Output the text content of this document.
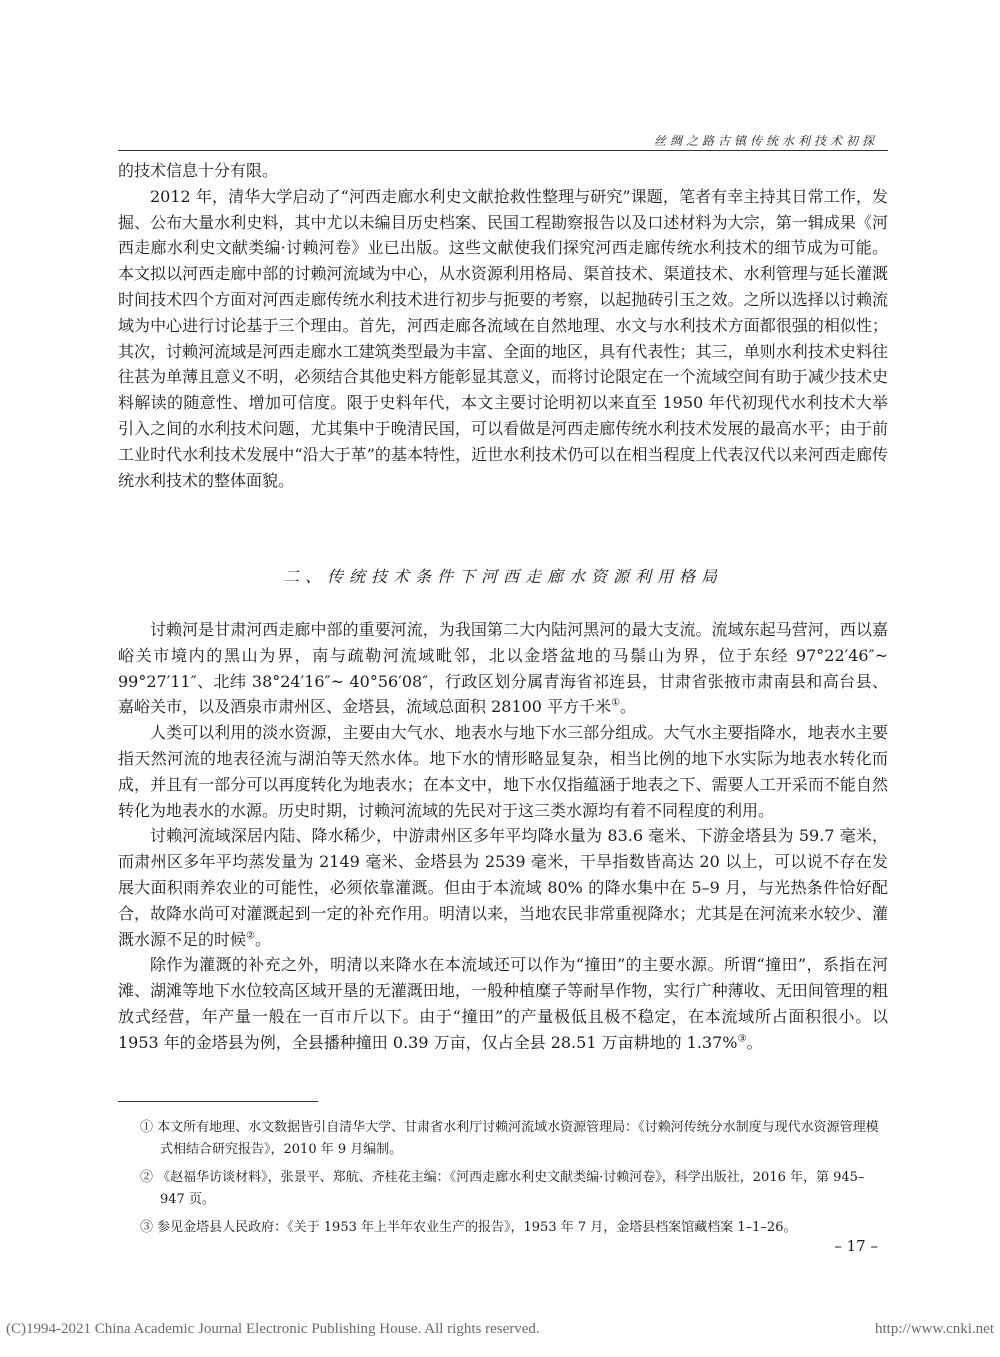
丝绸之路古镇传统水利技术初探

的技术信息十分有限。

2012 年，清华大学启动了“河西走廊水利史文献抢救性整理与研究”课题，笔者有幸主持其日常工作，发掘、公布大量水利史料，其中尤以未编目历史档案、民国工程勘察报告以及口述材料为大宗，第一辑成果《河西走廊水利史文献类编·讨赖河卷》业已出版。这些文献使我们探究河西走廊传统水利技术的细节成为可能。本文拟以河西走廊中部的讨赖河流域为中心，从水资源利用格局、渠首技术、渠道技术、水利管理与延长灌溉时间技术四个方面对河西走廊传统水利技术进行初步与扼要的考察，以起抛砖引玉之效。之所以选择以讨赖流域为中心进行讨论基于三个理由。首先，河西走廊各流域在自然地理、水文与水利技术方面都很强的相似性；其次，讨赖河流域是河西走廊水工建筑类型最为丰富、全面的地区，具有代表性；其三，单则水利技术史料往往甚为单薄且意义不明，必须结合其他史料方能彰显其意义，而将讨论限定在一个流域空间有助于减少技术史料解读的随意性、增加可信度。限于史料年代，本文主要讨论明初以来直至 1950 年代初现代水利技术大举引入之间的水利技术问题，尤其集中于晚清民国，可以看做是河西走廊传统水利技术发展的最高水平；由于前工业时代水利技术发展中“沿大于革”的基本特性，近世水利技术仍可以在相当程度上代表汉代以来河西走廊传统水利技术的整体面貌。

二、传统技术条件下河西走廊水资源利用格局

讨赖河是甘肃河西走廊中部的重要河流，为我国第二大内陆河黑河的最大支流。流域东起马营河，西以嘉峪关市境内的黑山为界，南与疏勒河流域毗邻，北以金塔盆地的马鬃山为界，位于东经 97°22′46″~ 99°27′11″、北纬 38°24′16″~ 40°56′08″，行政区划分属青海省祁连县，甘肃省张掖市肃南县和高台县、嘉峪关市，以及酒泉市肃州区、金塔县，流域总面积 28100 平方千米①。

人类可以利用的淡水资源，主要由大气水、地表水与地下水三部分组成。大气水主要指降水，地表水主要指天然河流的地表径流与湖泊等天然水体。地下水的情形略显复杂，相当比例的地下水实际为地表水转化而成，并且有一部分可以再度转化为地表水；在本文中，地下水仅指蕴涵于地表之下、需要人工开采而不能自然转化为地表水的水源。历史时期，讨赖河流域的先民对于这三类水源均有着不同程度的利用。

讨赖河流域深居内陆、降水稀少，中游肃州区多年平均降水量为 83.6 毫米、下游金塔县为 59.7 毫米，而肃州区多年平均蒸发量为 2149 毫米、金塔县为 2539 毫米，干旱指数皆高达 20 以上，可以说不存在发展大面积雨养农业的可能性，必须依靠灌溉。但由于本流域 80% 的降水集中在 5–9 月，与光热条件恰好配合，故降水尚可对灌溉起到一定的补充作用。明清以来，当地农民非常重视降水；尤其是在河流来水较少、灌溉水源不足的时候②。

除作为灌溉的补充之外，明清以来降水在本流域还可以作为“撞田”的主要水源。所谓“撞田”，系指在河滩、湖滩等地下水位较高区域开垦的无灌溉田地，一般种植糜子等耐旱作物，实行广种薄收、无田间管理的粗放式经营，年产量一般在一百市斤以下。由于“撞田”的产量极低且极不稳定，在本流域所占面积很小。以 1953 年的金塔县为例，全县播种撞田 0.39 万亩，仅占全县 28.51 万亩耕地的 1.37%③。

① 本文所有地理、水文数据皆引自清华大学、甘肃省水利厅讨赖河流域水资源管理局：《讨赖河传统分水制度与现代水资源管理模式相结合研究报告》，2010 年 9 月编制。

② 《赵福华访谈材料》，张景平、郑航、齐桂花主编：《河西走廊水利史文献类编·讨赖河卷》，科学出版社，2016 年，第 945–947 页。

③ 参见金塔县人民政府：《关于 1953 年上半年农业生产的报告》，1953 年 7 月，金塔县档案馆藏档案 1–1–26。

– 17 –
(C)1994-2021 China Academic Journal Electronic Publishing House. All rights reserved.	http://www.cnki.net
